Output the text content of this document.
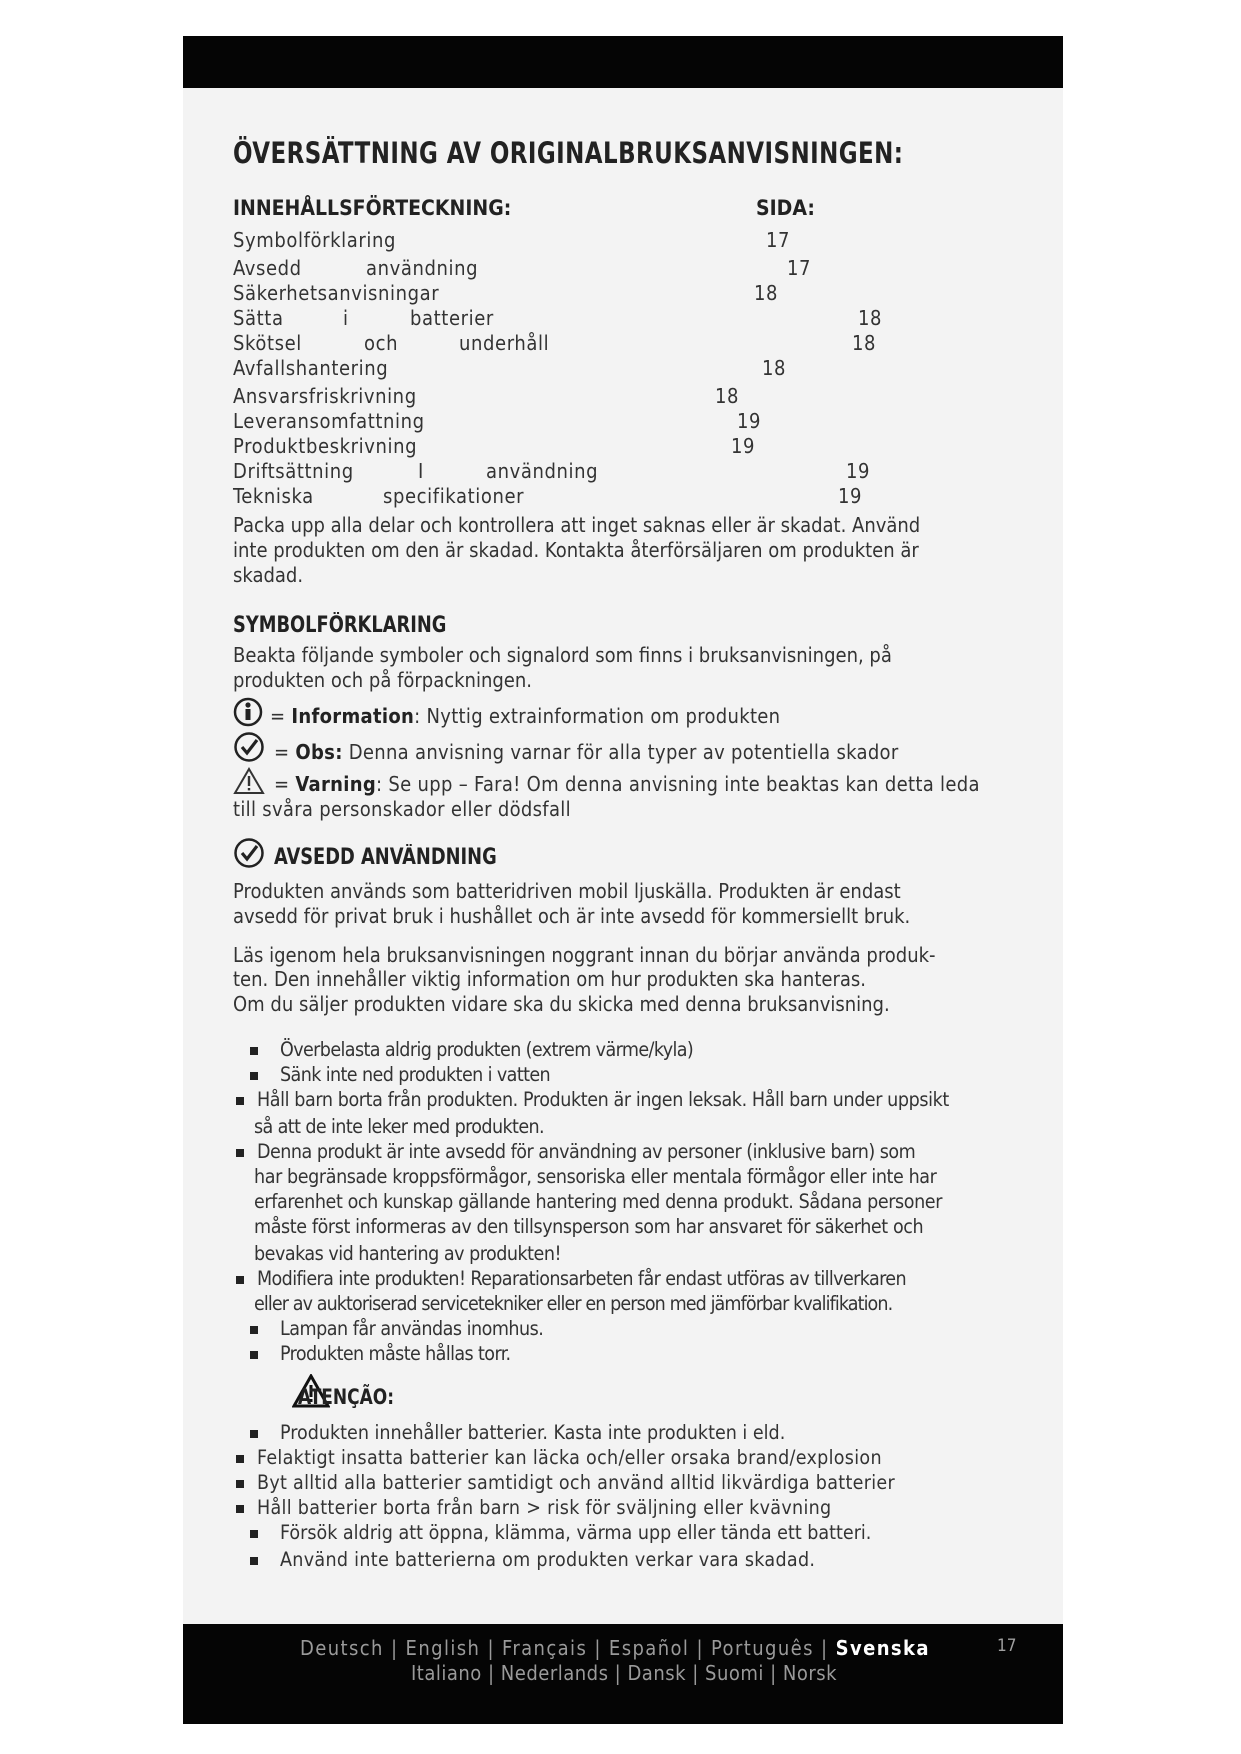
ÖVERSÄTTNING AV ORIGINALBRUKSANVISNINGEN:
INNEHÅLLSFÖRTECKNING:	SIDA:
Symbolförklaring	17
Avsedd	användning	17
Säkerhetsanvisningar	18
Sätta	i	batterier	18
Skötsel	och	underhåll	18
Avfallshantering	18
Ansvarsfriskrivning	18
Leveransomfattning	19
Produktbeskrivning	19
Driftsättning	I	användning	19
Tekniska	specifikationer	19
Packa upp alla delar och kontrollera att inget saknas eller är skadat. Använd
inte produkten om den är skadad. Kontakta återförsäljaren om produkten är
skadad.
SYMBOLFÖRKLARING
Beakta följande symboler och signalord som finns i bruksanvisningen, på
produkten och på förpackningen.
= Information: Nyttig extrainformation om produkten
= Obs: Denna anvisning varnar för alla typer av potentiella skador
= Varning: Se upp – Fara! Om denna anvisning inte beaktas kan detta leda
till svåra personskador eller dödsfall
AVSEDD ANVÄNDNING
Produkten används som batteridriven mobil ljuskälla. Produkten är endast
avsedd för privat bruk i hushållet och är inte avsedd för kommersiellt bruk.
Läs igenom hela bruksanvisningen noggrant innan du börjar använda produk-
ten. Den innehåller viktig information om hur produkten ska hanteras.
Om du säljer produkten vidare ska du skicka med denna bruksanvisning.
Överbelasta aldrig produkten (extrem värme/kyla)
Sänk inte ned produkten i vatten
Håll barn borta från produkten. Produkten är ingen leksak. Håll barn under uppsikt
så att de inte leker med produkten.
Denna produkt är inte avsedd för användning av personer (inklusive barn) som
har begränsade kroppsförmågor, sensoriska eller mentala förmågor eller inte har
erfarenhet och kunskap gällande hantering med denna produkt. Sådana personer
måste först informeras av den tillsynsperson som har ansvaret för säkerhet och
bevakas vid hantering av produkten!
Modifiera inte produkten! Reparationsarbeten får endast utföras av tillverkaren
eller av auktoriserad servicetekniker eller en person med jämförbar kvalifikation.
Lampan får användas inomhus.
Produkten måste hållas torr.
ATENÇÃO:
Produkten innehåller batterier. Kasta inte produkten i eld.
Felaktigt insatta batterier kan läcka och/eller orsaka brand/explosion
Byt alltid alla batterier samtidigt och använd alltid likvärdiga batterier
Håll batterier borta från barn > risk för sväljning eller kvävning
Försök aldrig att öppna, klämma, värma upp eller tända ett batteri.
Använd inte batterierna om produkten verkar vara skadad.
Deutsch | English | Français | Español | Português | Svenska
Italiano | Nederlands | Dansk | Suomi | Norsk
17
